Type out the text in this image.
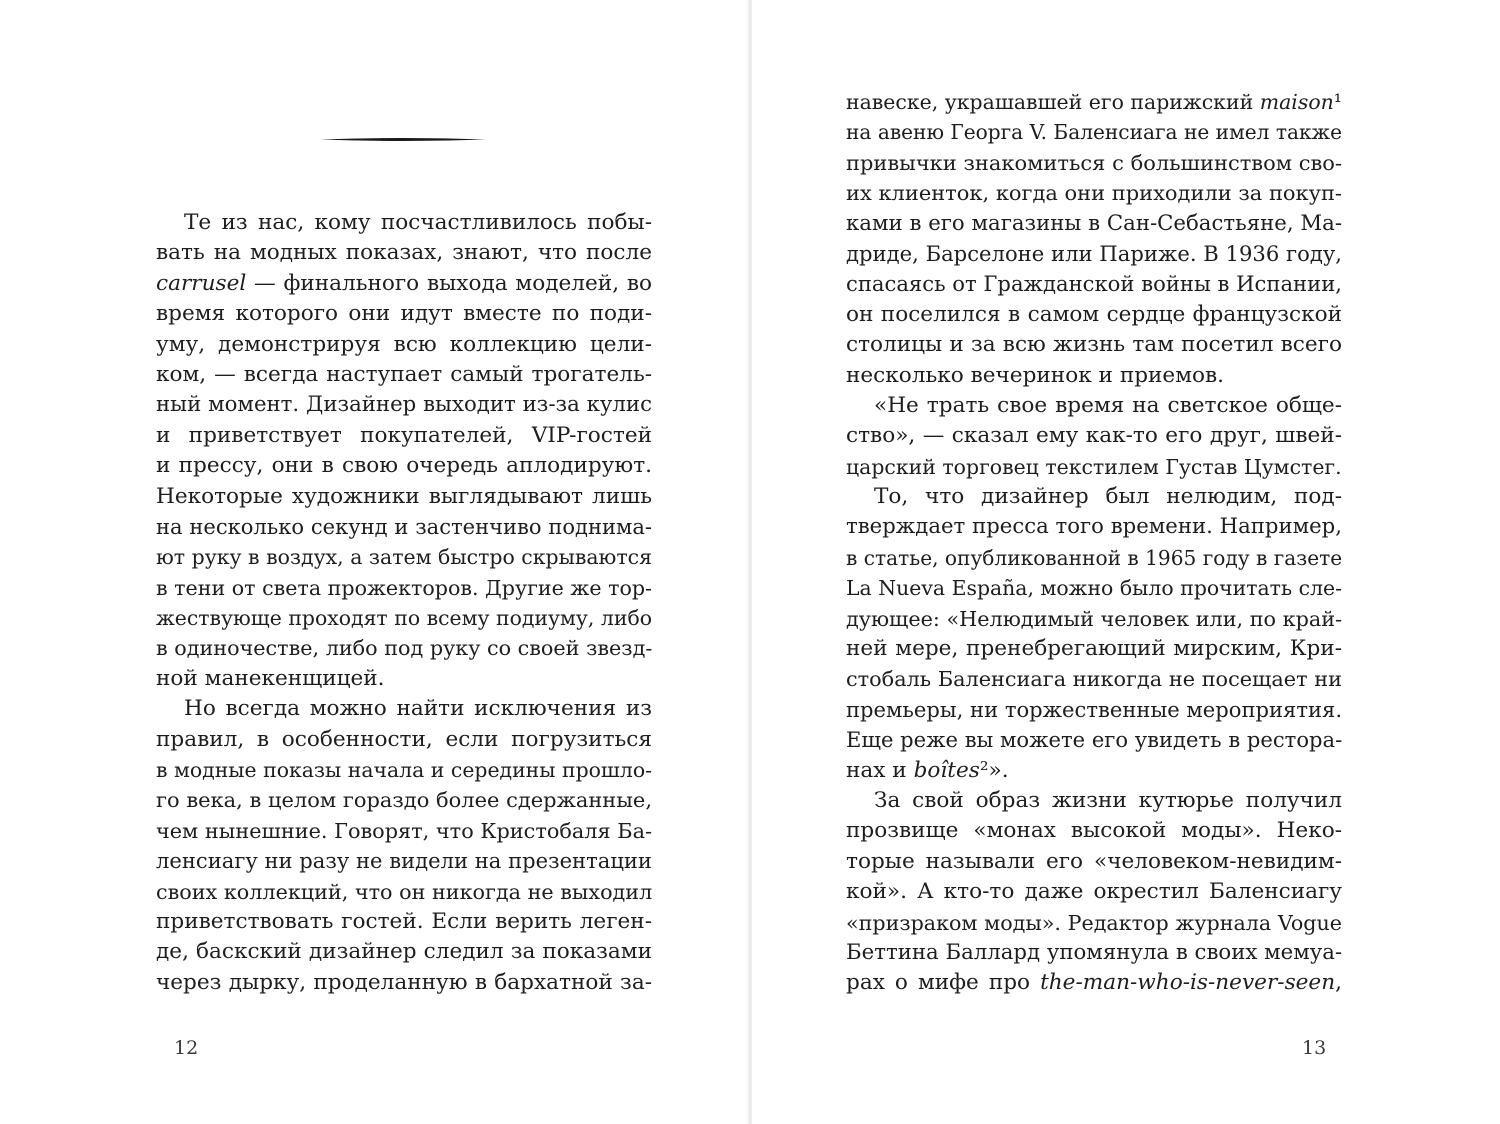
Те из нас, кому посчастливилось побы-
вать на модных показах, знают, что после
carrusel — финального выхода моделей, во
время которого они идут вместе по поди-
уму, демонстрируя всю коллекцию цели-
ком, — всегда наступает самый трогатель-
ный момент. Дизайнер выходит из-за кулис
и приветствует покупателей, VIP-гостей
и прессу, они в свою очередь аплодируют.
Некоторые художники выглядывают лишь
на несколько секунд и застенчиво поднима-
ют руку в воздух, а затем быстро скрываются
в тени от света прожекторов. Другие же тор-
жествующе проходят по всему подиуму, либо
в одиночестве, либо под руку со своей звезд-
ной манекенщицей.
Но всегда можно найти исключения из
правил, в особенности, если погрузиться
в модные показы начала и середины прошло-
го века, в целом гораздо более сдержанные,
чем нынешние. Говорят, что Кристобаля Ба-
ленсиагу ни разу не видели на презентации
своих коллекций, что он никогда не выходил
приветствовать гостей. Если верить леген-
де, баскский дизайнер следил за показами
через дырку, проделанную в бархатной за-
12
навеске, украшавшей его парижский maison¹
на авеню Георга V. Баленсиага не имел также
привычки знакомиться с большинством сво-
их клиенток, когда они приходили за покуп-
ками в его магазины в Сан-Себастьяне, Ма-
дриде, Барселоне или Париже. В 1936 году,
спасаясь от Гражданской войны в Испании,
он поселился в самом сердце французской
столицы и за всю жизнь там посетил всего
несколько вечеринок и приемов.
«Не трать свое время на светское обще-
ство», — сказал ему как-то его друг, швей-
царский торговец текстилем Густав Цумстег.
То, что дизайнер был нелюдим, под-
тверждает пресса того времени. Например,
в статье, опубликованной в 1965 году в газете
La Nueva España, можно было прочитать сле-
дующее: «Нелюдимый человек или, по край-
ней мере, пренебрегающий мирским, Кри-
стобаль Баленсиага никогда не посещает ни
премьеры, ни торжественные мероприятия.
Еще реже вы можете его увидеть в рестора-
нах и boîtes²».
За свой образ жизни кутюрье получил
прозвище «монах высокой моды». Неко-
торые называли его «человеком-невидим-
кой». А кто-то даже окрестил Баленсиагу
«призраком моды». Редактор журнала Vogue
Беттина Баллард упомянула в своих мемуа-
рах о мифе про the-man-who-is-never-seen,
13
